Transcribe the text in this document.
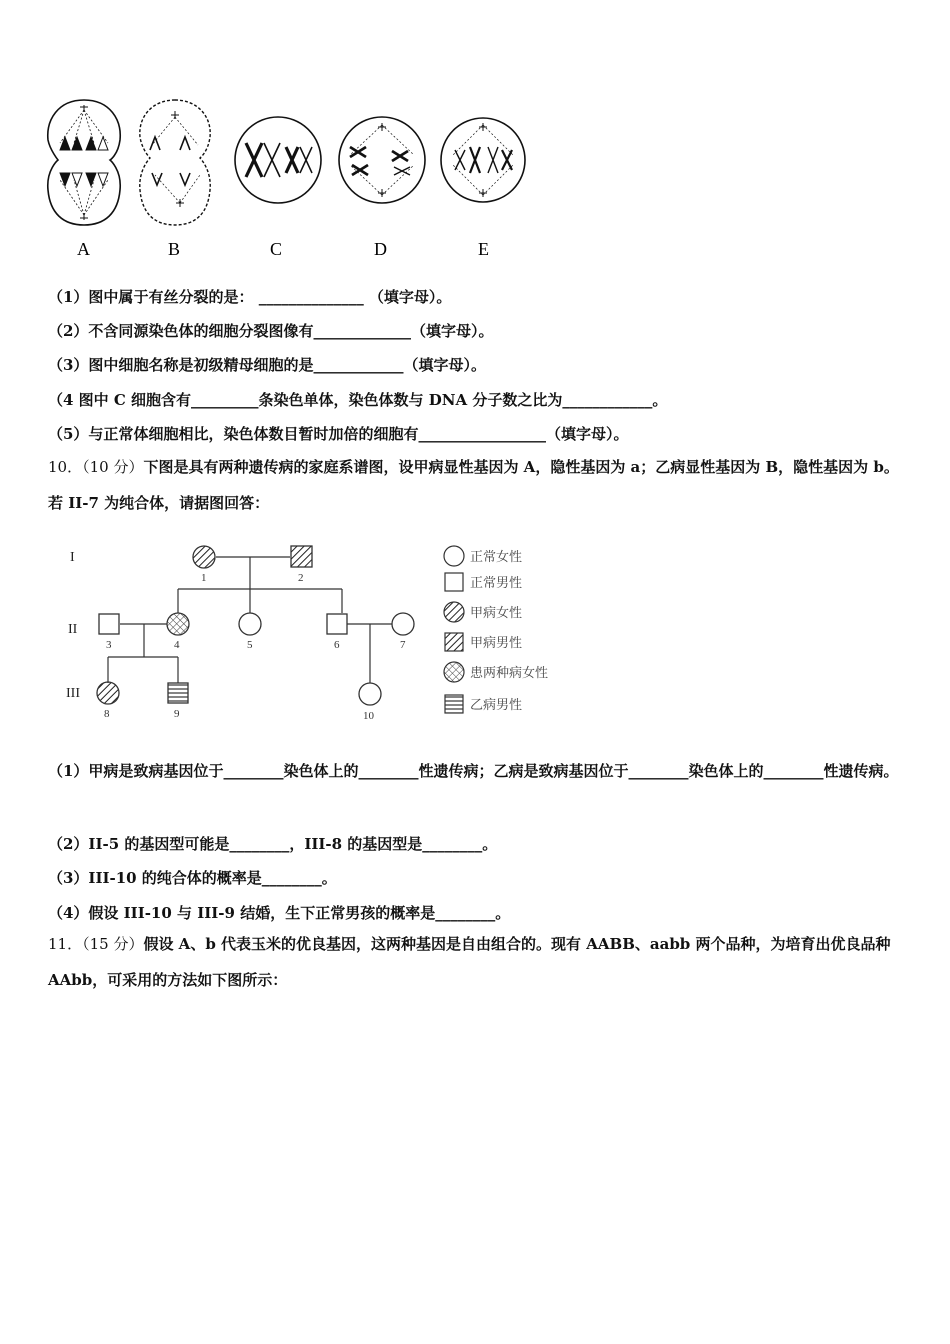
A	B	C	D	E
（1）图中属于有丝分裂的是： ______________ （填字母）。
（2）不含同源染色体的细胞分裂图像有_____________（填字母）。
（3）图中细胞名称是初级精母细胞的是____________（填字母）。
（4 图中 C 细胞含有_________条染色单体，染色体数与 DNA 分子数之比为____________。
（5）与正常体细胞相比，染色体数目暂时加倍的细胞有_________________（填字母）。
10．（10 分）下图是具有两种遗传病的家庭系谱图，设甲病显性基因为 A，隐性基因为 a；乙病显性基因为 B，隐性基因为 b。若 II-7 为纯合体，请据图回答：
I
II
III
1	2
3	4	5	6	7
8	9	10
正常女性
正常男性
甲病女性
甲病男性
患两种病女性
乙病男性
（1）甲病是致病基因位于________染色体上的________性遗传病；乙病是致病基因位于________染色体上的________性遗传病。
（2）II-5 的基因型可能是________，III-8 的基因型是________。
（3）III-10 的纯合体的概率是________。
（4）假设 III-10 与 III-9 结婚，生下正常男孩的概率是________。
11．（15 分）假设 A、b 代表玉米的优良基因，这两种基因是自由组合的。现有 AABB、aabb 两个品种，为培育出优良品种 AAbb，可采用的方法如下图所示：
